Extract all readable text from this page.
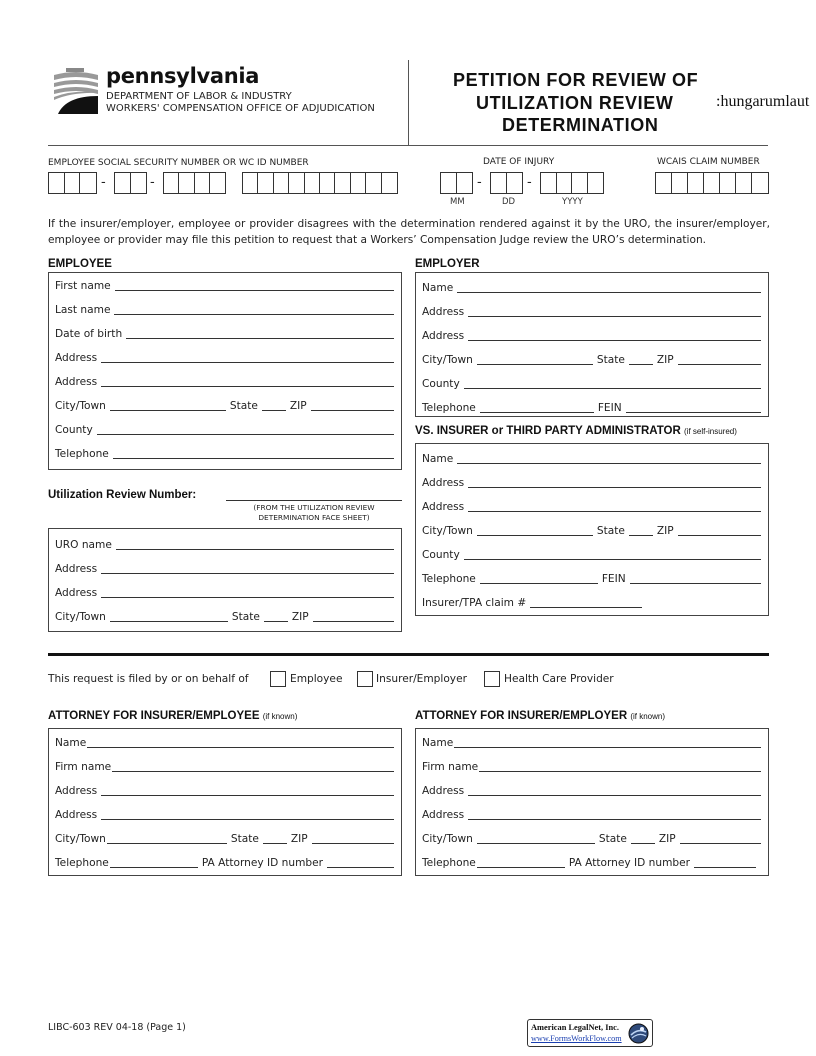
pennsylvania
DEPARTMENT OF LABOR & INDUSTRY
WORKERS' COMPENSATION OFFICE OF ADJUDICATION
PETITION FOR REVIEW OF
UTILIZATION REVIEW
DETERMINATION
:hungarumlaut
EMPLOYEE SOCIAL SECURITY NUMBER OR WC ID NUMBER	DATE OF INJURY	WCAIS CLAIM NUMBER
-	-	-	-
MM	DD	YYYY
If the insurer/employer, employee or provider disagrees with the determination rendered against it by the URO, the insurer/employer, employee or provider may file this petition to request that a Workers’ Compensation Judge review the URO’s determination.
EMPLOYEE
First name
Last name
Date of birth
Address
Address
City/Town	State	ZIP
County
Telephone
EMPLOYER
Name
Address
Address
City/Town	State	ZIP
County
Telephone	FEIN
VS. INSURER or THIRD PARTY ADMINISTRATOR (if self-insured)
Name
Address
Address
City/Town	State	ZIP
County
Telephone	FEIN
Insurer/TPA claim #
Utilization Review Number:
(FROM THE UTILIZATION REVIEW
DETERMINATION FACE SHEET)
URO name
Address
Address
City/Town	State	ZIP
This request is filed by or on behalf of	Employee	Insurer/Employer	Health Care Provider
ATTORNEY FOR INSURER/EMPLOYEE (if known)
Name
Firm name
Address
Address
City/Town	State	ZIP
Telephone	PA Attorney ID number
ATTORNEY FOR INSURER/EMPLOYER (if known)
Name
Firm name
Address
Address
City/Town	State	ZIP
Telephone	PA Attorney ID number
LIBC-603 REV 04-18 (Page 1)	American LegalNet, Inc.
www.FormsWorkFlow.com
